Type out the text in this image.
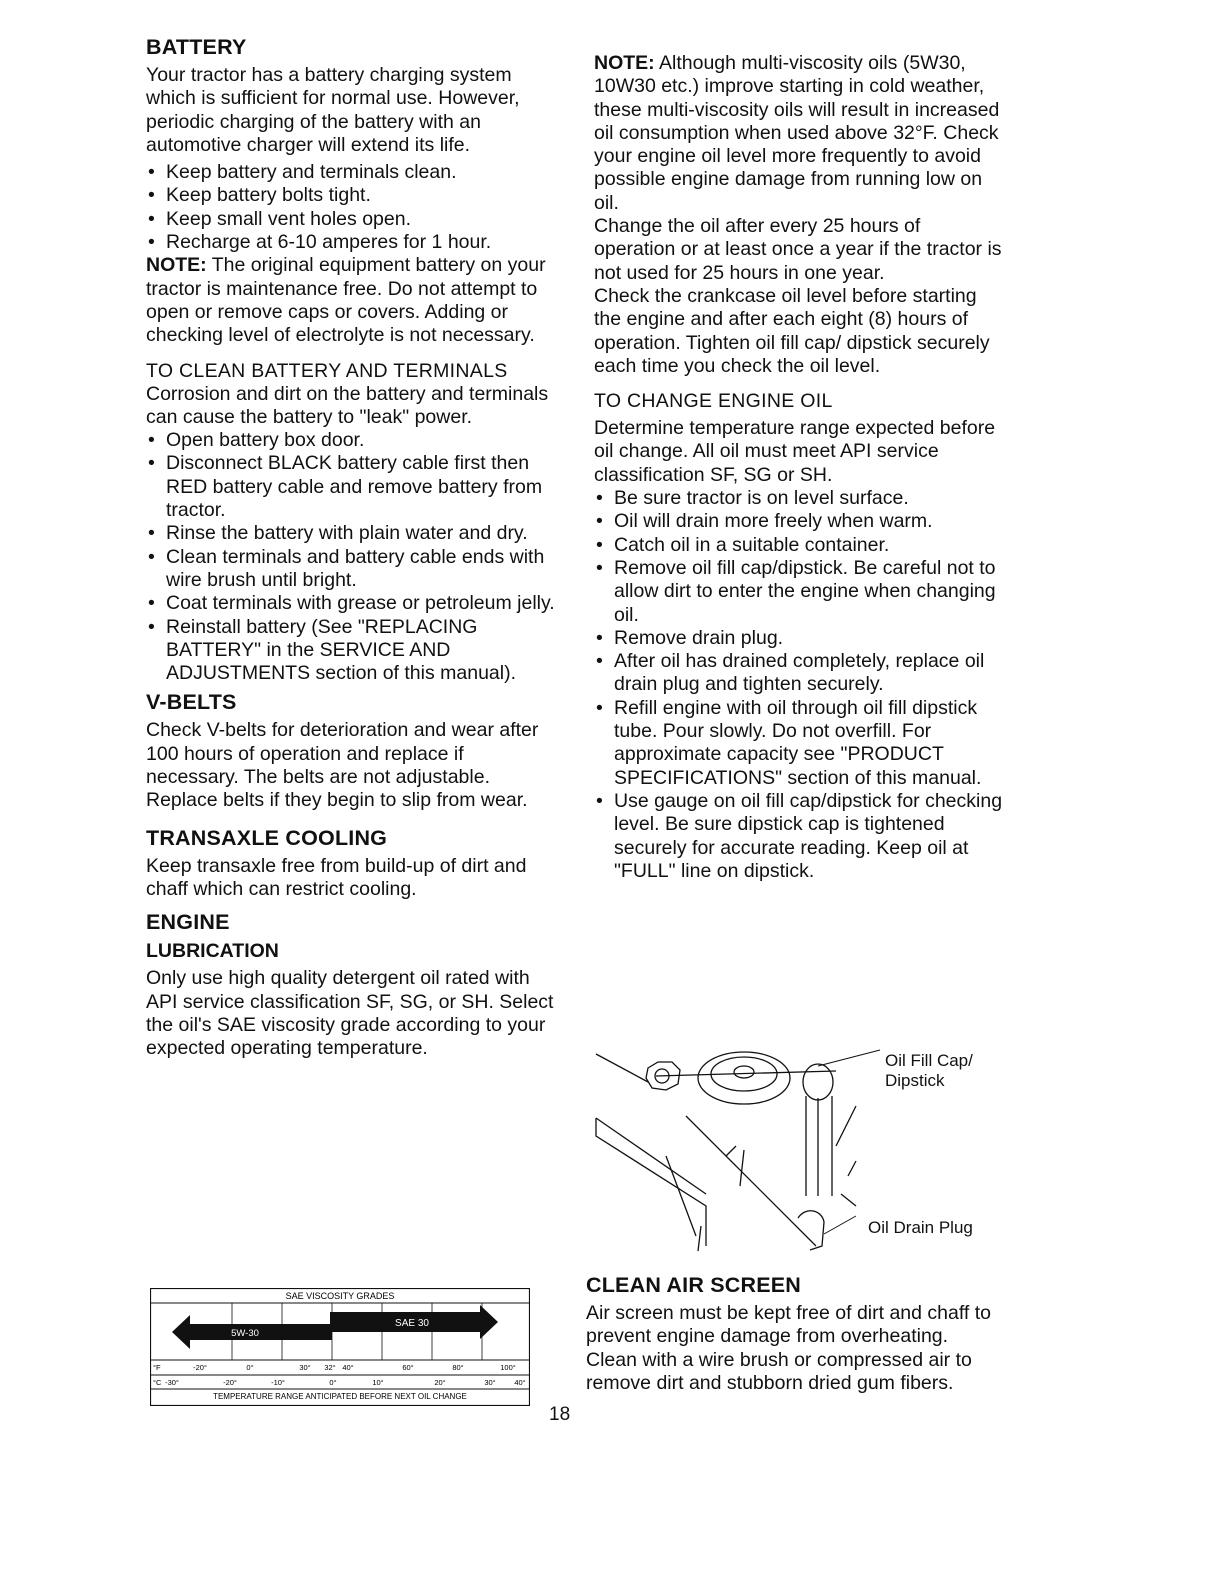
BATTERY

Your tractor has a battery charging system which is sufficient for normal use. However, periodic charging of the battery with an automotive charger will extend its life.

• Keep battery and terminals clean.
• Keep battery bolts tight.
• Keep small vent holes open.
• Recharge at 6-10 amperes for 1 hour.

NOTE: The original equipment battery on your tractor is maintenance free. Do not attempt to open or remove caps or covers. Adding or checking level of electrolyte is not necessary.

TO CLEAN BATTERY AND TERMINALS

Corrosion and dirt on the battery and terminals can cause the battery to "leak" power.

• Open battery box door.
• Disconnect BLACK battery cable first then RED battery cable and remove battery from tractor.
• Rinse the battery with plain water and dry.
• Clean terminals and battery cable ends with wire brush until bright.
• Coat terminals with grease or petroleum jelly.
• Reinstall battery (See "REPLACING BATTERY" in the SERVICE AND ADJUSTMENTS section of this manual).
V-BELTS

Check V-belts for deterioration and wear after 100 hours of operation and replace if necessary. The belts are not adjustable. Replace belts if they begin to slip from wear.

TRANSAXLE COOLING

Keep transaxle free from build-up of dirt and chaff which can restrict cooling.

ENGINE
LUBRICATION

Only use high quality detergent oil rated with API service classification SF, SG, or SH. Select the oil's SAE viscosity grade according to your expected operating temperature.

SAE VISCOSITY GRADES
SAE 30
5W-30
°F	-20°	0°	30° 32° 40°	60°	80°	100°
°C -30°	-20°	-10°	0°	10°	20°	30° 40°
TEMPERATURE RANGE ANTICIPATED BEFORE NEXT OIL CHANGE

NOTE: Although multi-viscosity oils (5W30, 10W30 etc.) improve starting in cold weather, these multi-viscosity oils will result in increased oil consumption when used above 32°F. Check your engine oil level more frequently to avoid possible engine damage from running low on oil.

Change the oil after every 25 hours of operation or at least once a year if the tractor is not used for 25 hours in one year.

Check the crankcase oil level before starting the engine and after each eight (8) hours of operation. Tighten oil fill cap/ dipstick securely each time you check the oil level.

TO CHANGE ENGINE OIL

Determine temperature range expected before oil change. All oil must meet API service classification SF, SG or SH.

• Be sure tractor is on level surface.
• Oil will drain more freely when warm.
• Catch oil in a suitable container.
• Remove oil fill cap/dipstick. Be careful not to allow dirt to enter the engine when changing oil.
• Remove drain plug.
• After oil has drained completely, replace oil drain plug and tighten securely.
• Refill engine with oil through oil fill dipstick tube. Pour slowly. Do not overfill. For approximate capacity see "PRODUCT SPECIFICATIONS" section of this manual.
• Use gauge on oil fill cap/dipstick for checking level. Be sure dipstick cap is tightened securely for accurate reading. Keep oil at "FULL" line on dipstick.
Oil Fill Cap/ Dipstick
Oil Drain Plug
CLEAN AIR SCREEN

Air screen must be kept free of dirt and chaff to prevent engine damage from overheating. Clean with a wire brush or compressed air to remove dirt and stubborn dried gum fibers.

18
